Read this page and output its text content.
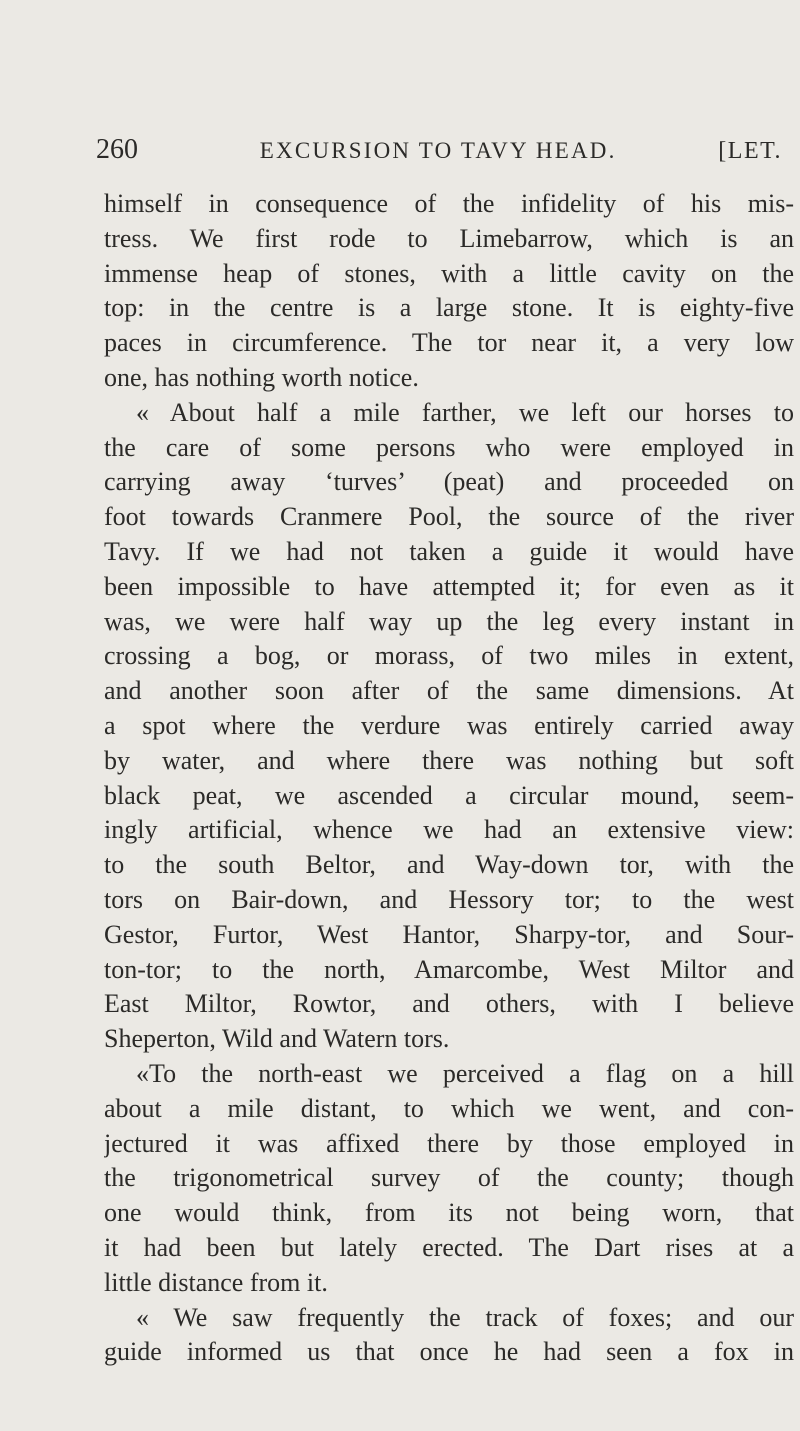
260	EXCURSION TO TAVY HEAD.	[LET.
himself in consequence of the infidelity of his mis-
tress. We first rode to Limebarrow, which is an
immense heap of stones, with a little cavity on the
top: in the centre is a large stone. It is eighty-five
paces in circumference. The tor near it, a very low
one, has nothing worth notice.
« About half a mile farther, we left our horses to
the care of some persons who were employed in
carrying away ‘turves’ (peat) and proceeded on
foot towards Cranmere Pool, the source of the river
Tavy. If we had not taken a guide it would have
been impossible to have attempted it; for even as it
was, we were half way up the leg every instant in
crossing a bog, or morass, of two miles in extent,
and another soon after of the same dimensions. At
a spot where the verdure was entirely carried away
by water, and where there was nothing but soft
black peat, we ascended a circular mound, seem-
ingly artificial, whence we had an extensive view:
to the south Beltor, and Way-down tor, with the
tors on Bair-down, and Hessory tor; to the west
Gestor, Furtor, West Hantor, Sharpy-tor, and Sour-
ton-tor; to the north, Amarcombe, West Miltor and
East Miltor, Rowtor, and others, with I believe
Sheperton, Wild and Watern tors.
«To the north-east we perceived a flag on a hill
about a mile distant, to which we went, and con-
jectured it was affixed there by those employed in
the trigonometrical survey of the county; though
one would think, from its not being worn, that
it had been but lately erected. The Dart rises at a
little distance from it.
« We saw frequently the track of foxes; and our
guide informed us that once he had seen a fox in
